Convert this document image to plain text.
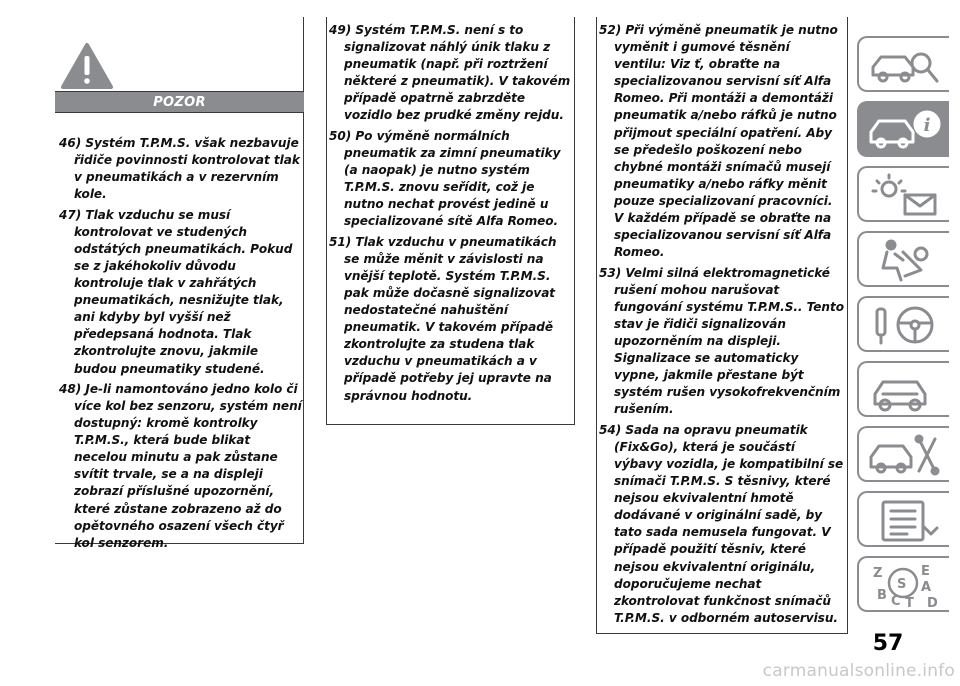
POZOR
46) Systém T.P.M.S. však nezbavuje řidiče povinnosti kontrolovat tlak v pneumatikách a v rezervním kole.
47) Tlak vzduchu se musí kontrolovat ve studených odstátých pneumatikách. Pokud se z jakéhokoliv důvodu kontroluje tlak v zahřátých pneumatikách, nesnižujte tlak, ani kdyby byl vyšší než předepsaná hodnota. Tlak zkontrolujte znovu, jakmile budou pneumatiky studené.
48) Je-li namontováno jedno kolo či více kol bez senzoru, systém není dostupný: kromě kontrolky T.P.M.S., která bude blikat necelou minutu a pak zůstane svítit trvale, se a na displeji zobrazí příslušné upozornění, které zůstane zobrazeno až do opětovného osazení všech čtyř kol senzorem.
49) Systém T.P.M.S. není s to signalizovat náhlý únik tlaku z pneumatik (např. při roztržení některé z pneumatik). V takovém případě opatrně zabrzděte vozidlo bez prudké změny rejdu.
50) Po výměně normálních pneumatik za zimní pneumatiky (a naopak) je nutno systém T.P.M.S. znovu seřídit, což je nutno nechat provést jedině u specializované sítě Alfa Romeo.
51) Tlak vzduchu v pneumatikách se může měnit v závislosti na vnější teplotě. Systém T.P.M.S. pak může dočasně signalizovat nedostatečné nahuštění pneumatik. V takovém případě zkontrolujte za studena tlak vzduchu v pneumatikách a v případě potřeby jej upravte na správnou hodnotu.
52) Při výměně pneumatik je nutno vyměnit i gumové těsnění ventilu: Viz ť, obraťte na specializovanou servisní síť Alfa Romeo. Při montáži a demontáži pneumatik a/nebo ráfků je nutno přijmout speciální opatření. Aby se předešlo poškození nebo chybné montáži snímačů musejí pneumatiky a/nebo ráfky měnit pouze specializovaní pracovníci. V každém případě se obraťte na specializovanou servisní síť Alfa Romeo.
53) Velmi silná elektromagnetické rušení mohou narušovat fungování systému T.P.M.S.. Tento stav je řidiči signalizován upozorněním na displeji. Signalizace se automaticky vypne, jakmile přestane být systém rušen vysokofrekvenčním rušením.
54) Sada na opravu pneumatik (Fix&Go), která je součástí výbavy vozidla, je kompatibilní se snímači T.P.M.S. S těsnivy, které nejsou ekvivalentní hmotě dodávané v originální sadě, by tato sada nemusela fungovat. V případě použití těsniv, které nejsou ekvivalentní originálu, doporučujeme nechat zkontrolovat funkčnost snímačů T.P.M.S. v odborném autoservisu.
i
Z	E
B
A
C T D
S
57
carmanualsonline.info
